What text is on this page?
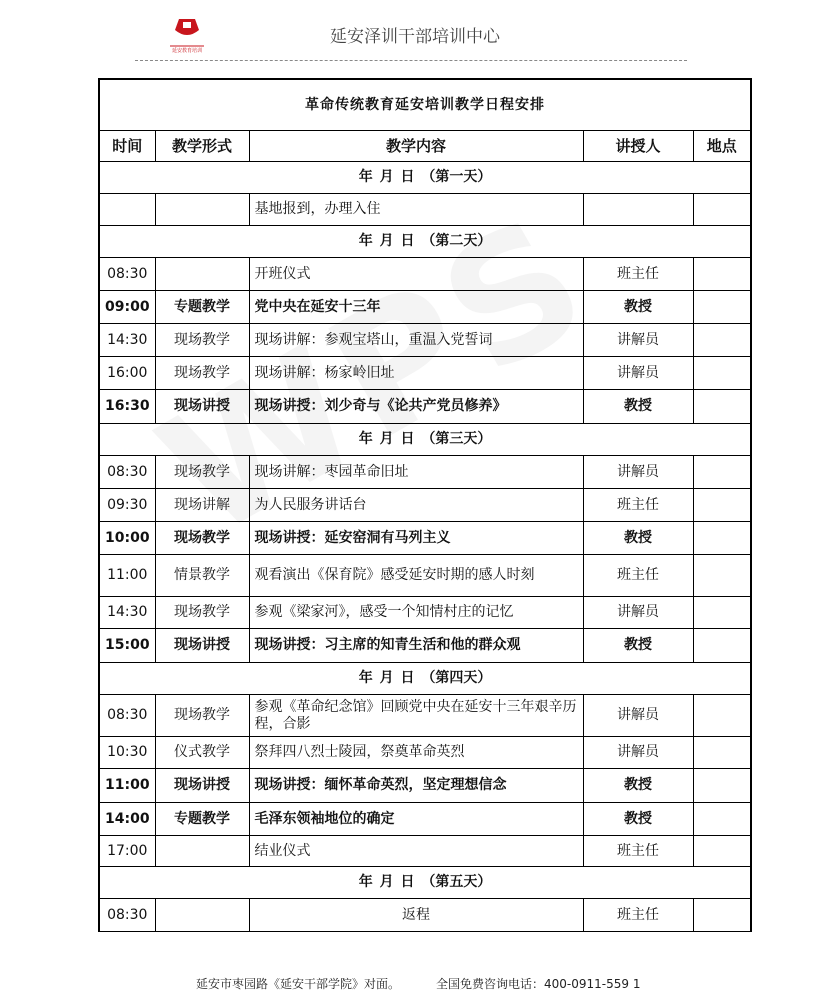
延安教育培训
延安泽训干部培训中心
革命传统教育延安培训教学日程安排				
时间	教学形式	教学内容	讲授人	地点
年 月 日 （第一天）				
		基地报到，办理入住		
年 月 日 （第二天）				
08:30		开班仪式	班主任	
09:00	专题教学	党中央在延安十三年	教授	
14:30	现场教学	现场讲解：参观宝塔山，重温入党誓词	讲解员	
16:00	现场教学	现场讲解：杨家岭旧址	讲解员	
16:30	现场讲授	现场讲授：刘少奇与《论共产党员修养》	教授	
年 月 日 （第三天）				
08:30	现场教学	现场讲解：枣园革命旧址	讲解员	
09:30	现场讲解	为人民服务讲话台	班主任	
10:00	现场教学	现场讲授：延安窑洞有马列主义	教授	
11:00	情景教学	观看演出《保育院》感受延安时期的感人时刻	班主任	
14:30	现场教学	参观《梁家河》，感受一个知情村庄的记忆	讲解员	
15:00	现场讲授	现场讲授：习主席的知青生活和他的群众观	教授	
年 月 日 （第四天）				
08:30	现场教学	参观《革命纪念馆》回顾党中央在延安十三年艰辛历程，合影	讲解员	
10:30	仪式教学	祭拜四八烈士陵园，祭奠革命英烈	讲解员	
11:00	现场讲授	现场讲授：缅怀革命英烈，坚定理想信念	教授	
14:00	专题教学	毛泽东领袖地位的确定	教授	
17:00		结业仪式	班主任	
年 月 日 （第五天）				
08:30		返程	班主任	
延安市枣园路《延安干部学院》对面。	全国免费咨询电话：400-0911-559 1
